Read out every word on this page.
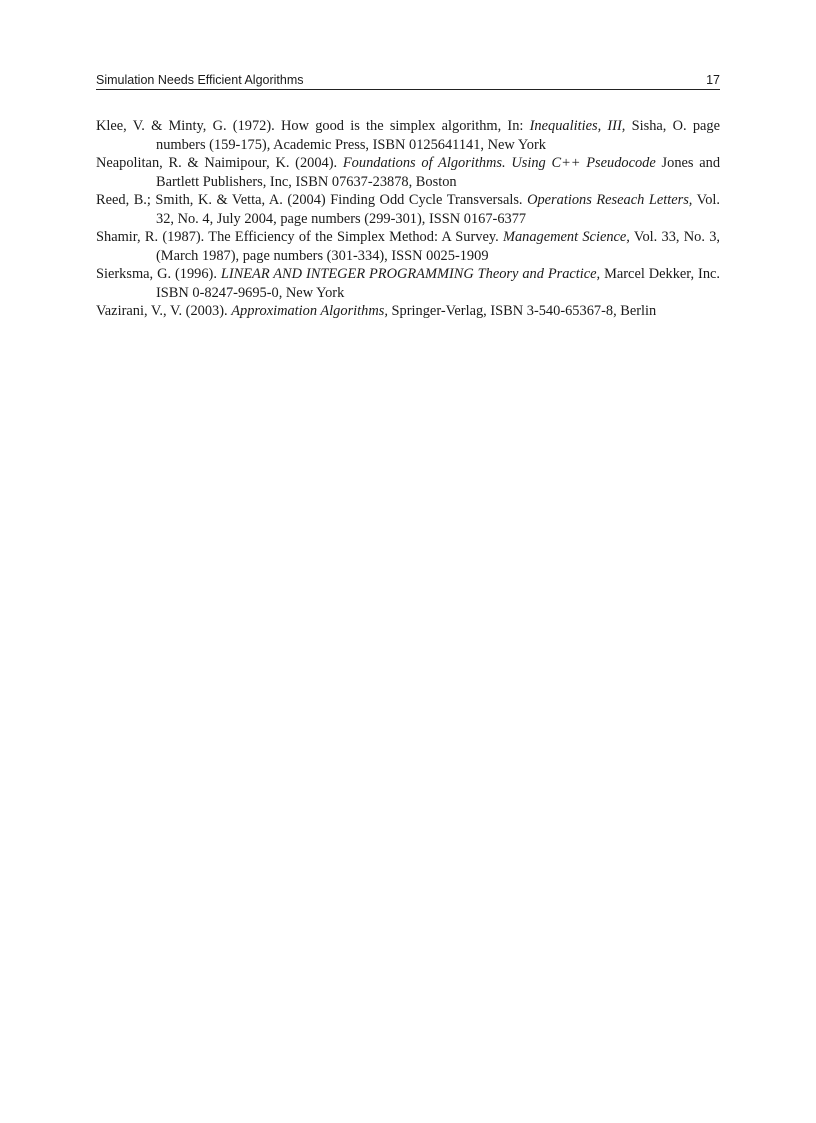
Simulation Needs Efficient Algorithms	17

Klee, V. & Minty, G. (1972). How good is the simplex algorithm, In: Inequalities, III, Sisha, O. page numbers (159-175), Academic Press, ISBN 0125641141, New York

Neapolitan, R. & Naimipour, K. (2004). Foundations of Algorithms. Using C++ Pseudocode Jones and Bartlett Publishers, Inc, ISBN 07637-23878, Boston

Reed, B.; Smith, K. & Vetta, A. (2004) Finding Odd Cycle Transversals. Operations Reseach Letters, Vol. 32, No. 4, July 2004, page numbers (299-301), ISSN 0167-6377

Shamir, R. (1987). The Efficiency of the Simplex Method: A Survey. Management Science, Vol. 33, No. 3, (March 1987), page numbers (301-334), ISSN 0025-1909

Sierksma, G. (1996). LINEAR AND INTEGER PROGRAMMING Theory and Practice, Marcel Dekker, Inc. ISBN 0-8247-9695-0, New York

Vazirani, V., V. (2003). Approximation Algorithms, Springer-Verlag, ISBN 3-540-65367-8, Berlin
